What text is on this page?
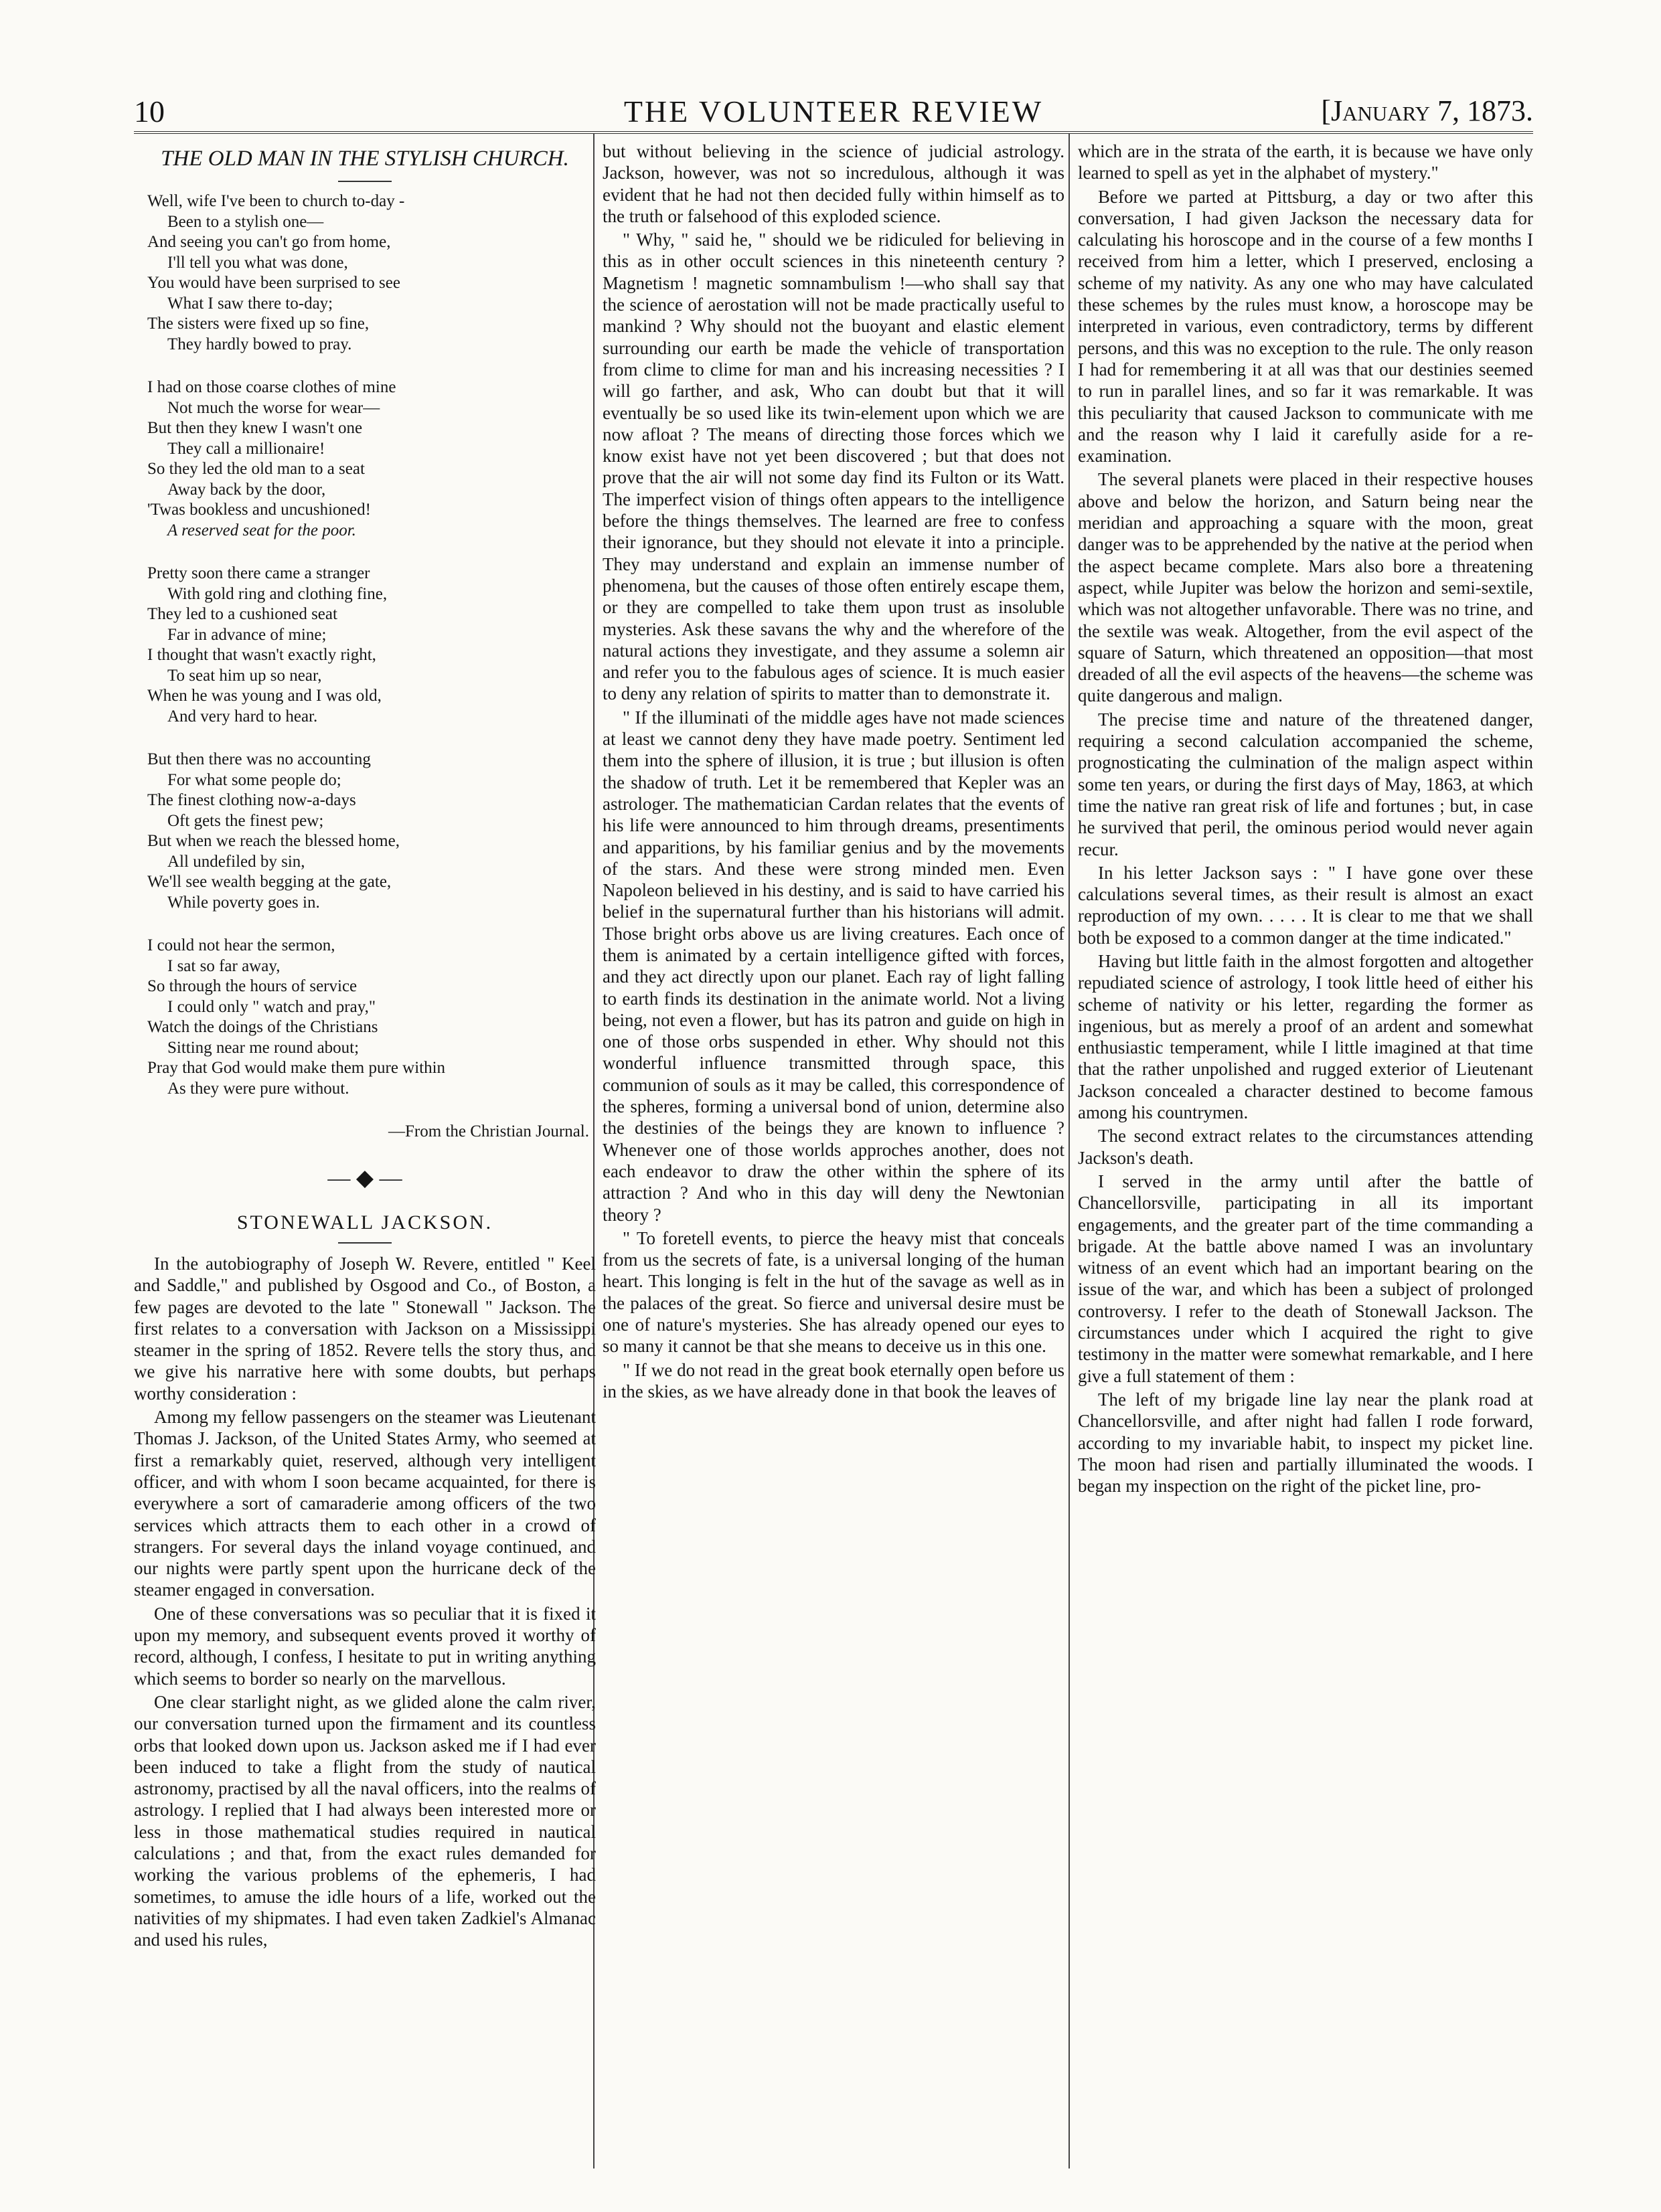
10	THE VOLUNTEER REVIEW	[January 7, 1873.
THE OLD MAN IN THE STYLISH CHURCH.
Well, wife I've been to church to-day -
Been to a stylish one—
And seeing you can't go from home,
I'll tell you what was done,
You would have been surprised to see
What I saw there to-day;
The sisters were fixed up so fine,
They hardly bowed to pray.
I had on those coarse clothes of mine
Not much the worse for wear—
But then they knew I wasn't one
They call a millionaire!
So they led the old man to a seat
Away back by the door,
'Twas bookless and uncushioned!
A reserved seat for the poor.
Pretty soon there came a stranger
With gold ring and clothing fine,
They led to a cushioned seat
Far in advance of mine;
I thought that wasn't exactly right,
To seat him up so near,
When he was young and I was old,
And very hard to hear.
But then there was no accounting
For what some people do;
The finest clothing now-a-days
Oft gets the finest pew;
But when we reach the blessed home,
All undefiled by sin,
We'll see wealth begging at the gate,
While poverty goes in.
I could not hear the sermon,
I sat so far away,
So through the hours of service
I could only " watch and pray,"
Watch the doings of the Christians
Sitting near me round about;
Pray that God would make them pure within
As they were pure without.
—From the Christian Journal.
— ◆ —
STONEWALL JACKSON.

In the autobiography of Joseph W. Revere, entitled " Keel and Saddle," and published by Osgood and Co., of Boston, a few pages are devoted to the late " Stonewall " Jackson. The first relates to a conversation with Jackson on a Mississippi steamer in the spring of 1852. Revere tells the story thus, and we give his narrative here with some doubts, but perhaps worthy consideration :

Among my fellow passengers on the steamer was Lieutenant Thomas J. Jackson, of the United States Army, who seemed at first a remarkably quiet, reserved, although very intelligent officer, and with whom I soon became acquainted, for there is everywhere a sort of camaraderie among officers of the two services which attracts them to each other in a crowd of strangers. For several days the inland voyage continued, and our nights were partly spent upon the hurricane deck of the steamer engaged in conversation.

One of these conversations was so peculiar that it is fixed it upon my memory, and subsequent events proved it worthy of record, although, I confess, I hesitate to put in writing anything which seems to border so nearly on the marvellous.

One clear starlight night, as we glided alone the calm river, our conversation turned upon the firmament and its countless orbs that looked down upon us. Jackson asked me if I had ever been induced to take a flight from the study of nautical astronomy, practised by all the naval officers, into the realms of astrology. I replied that I had always been interested more or less in those mathematical studies required in nautical calculations ; and that, from the exact rules demanded for working the various problems of the ephemeris, I had sometimes, to amuse the idle hours of a life, worked out the nativities of my shipmates. I had even taken Zadkiel's Almanac and used his rules,

but without believing in the science of judicial astrology. Jackson, however, was not so incredulous, although it was evident that he had not then decided fully within himself as to the truth or falsehood of this exploded science.

" Why, " said he, " should we be ridiculed for believing in this as in other occult sciences in this nineteenth century ? Magnetism ! magnetic somnambulism !—who shall say that the science of aerostation will not be made practically useful to mankind ? Why should not the buoyant and elastic element surrounding our earth be made the vehicle of transportation from clime to clime for man and his increasing necessities ? I will go farther, and ask, Who can doubt but that it will eventually be so used like its twin-element upon which we are now afloat ? The means of directing those forces which we know exist have not yet been discovered ; but that does not prove that the air will not some day find its Fulton or its Watt. The imperfect vision of things often appears to the intelligence before the things themselves. The learned are free to confess their ignorance, but they should not elevate it into a principle. They may understand and explain an immense number of phenomena, but the causes of those often entirely escape them, or they are compelled to take them upon trust as insoluble mysteries. Ask these savans the why and the wherefore of the natural actions they investigate, and they assume a solemn air and refer you to the fabulous ages of science. It is much easier to deny any relation of spirits to matter than to demonstrate it.

" If the illuminati of the middle ages have not made sciences at least we cannot deny they have made poetry. Sentiment led them into the sphere of illusion, it is true ; but illusion is often the shadow of truth. Let it be remembered that Kepler was an astrologer. The mathematician Cardan relates that the events of his life were announced to him through dreams, presentiments and apparitions, by his familiar genius and by the movements of the stars. And these were strong minded men. Even Napoleon believed in his destiny, and is said to have carried his belief in the supernatural further than his historians will admit. Those bright orbs above us are living creatures. Each once of them is animated by a certain intelligence gifted with forces, and they act directly upon our planet. Each ray of light falling to earth finds its destination in the animate world. Not a living being, not even a flower, but has its patron and guide on high in one of those orbs suspended in ether. Why should not this wonderful influence transmitted through space, this communion of souls as it may be called, this correspondence of the spheres, forming a universal bond of union, determine also the destinies of the beings they are known to influence ? Whenever one of those worlds approches another, does not each endeavor to draw the other within the sphere of its attraction ? And who in this day will deny the Newtonian theory ?

" To foretell events, to pierce the heavy mist that conceals from us the secrets of fate, is a universal longing of the human heart. This longing is felt in the hut of the savage as well as in the palaces of the great. So fierce and universal desire must be one of nature's mysteries. She has already opened our eyes to so many it cannot be that she means to deceive us in this one.

" If we do not read in the great book eternally open before us in the skies, as we have already done in that book the leaves of

which are in the strata of the earth, it is because we have only learned to spell as yet in the alphabet of mystery."

Before we parted at Pittsburg, a day or two after this conversation, I had given Jackson the necessary data for calculating his horoscope and in the course of a few months I received from him a letter, which I preserved, enclosing a scheme of my nativity. As any one who may have calculated these schemes by the rules must know, a horoscope may be interpreted in various, even contradictory, terms by different persons, and this was no exception to the rule. The only reason I had for remembering it at all was that our destinies seemed to run in parallel lines, and so far it was remarkable. It was this peculiarity that caused Jackson to communicate with me and the reason why I laid it carefully aside for a re-examination.

The several planets were placed in their respective houses above and below the horizon, and Saturn being near the meridian and approaching a square with the moon, great danger was to be apprehended by the native at the period when the aspect became complete. Mars also bore a threatening aspect, while Jupiter was below the horizon and semi-sextile, which was not altogether unfavorable. There was no trine, and the sextile was weak. Altogether, from the evil aspect of the square of Saturn, which threatened an opposition—that most dreaded of all the evil aspects of the heavens—the scheme was quite dangerous and malign.

The precise time and nature of the threatened danger, requiring a second calculation accompanied the scheme, prognosticating the culmination of the malign aspect within some ten years, or during the first days of May, 1863, at which time the native ran great risk of life and fortunes ; but, in case he survived that peril, the ominous period would never again recur.

In his letter Jackson says : " I have gone over these calculations several times, as their result is almost an exact reproduction of my own. . . . . It is clear to me that we shall both be exposed to a common danger at the time indicated."

Having but little faith in the almost forgotten and altogether repudiated science of astrology, I took little heed of either his scheme of nativity or his letter, regarding the former as ingenious, but as merely a proof of an ardent and somewhat enthusiastic temperament, while I little imagined at that time that the rather unpolished and rugged exterior of Lieutenant Jackson concealed a character destined to become famous among his countrymen.

The second extract relates to the circumstances attending Jackson's death.

I served in the army until after the battle of Chancellorsville, participating in all its important engagements, and the greater part of the time commanding a brigade. At the battle above named I was an involuntary witness of an event which had an important bearing on the issue of the war, and which has been a subject of prolonged controversy. I refer to the death of Stonewall Jackson. The circumstances under which I acquired the right to give testimony in the matter were somewhat remarkable, and I here give a full statement of them :

The left of my brigade line lay near the plank road at Chancellorsville, and after night had fallen I rode forward, according to my invariable habit, to inspect my picket line. The moon had risen and partially illuminated the woods. I began my inspection on the right of the picket line, pro-
